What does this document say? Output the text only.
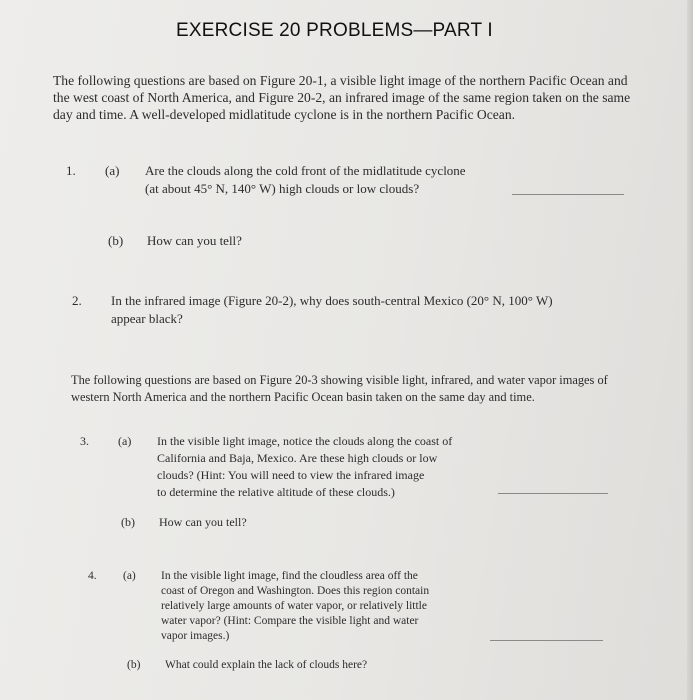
EXERCISE 20 PROBLEMS—PART I
The following questions are based on Figure 20-1, a visible light image of the northern Pacific Ocean and the west coast of North America, and Figure 20-2, an infrared image of the same region taken on the same day and time. A well-developed midlatitude cyclone is in the northern Pacific Ocean.
1. (a) Are the clouds along the cold front of the midlatitude cyclone
(at about 45° N, 140° W) high clouds or low clouds?
(b) How can you tell?
2. In the infrared image (Figure 20-2), why does south-central Mexico (20° N, 100° W)
appear black?
The following questions are based on Figure 20-3 showing visible light, infrared, and water vapor images of western North America and the northern Pacific Ocean basin taken on the same day and time.
3. (a) In the visible light image, notice the clouds along the coast of
California and Baja, Mexico. Are these high clouds or low
clouds? (Hint: You will need to view the infrared image
to determine the relative altitude of these clouds.)
(b) How can you tell?
4. (a) In the visible light image, find the cloudless area off the
coast of Oregon and Washington. Does this region contain
relatively large amounts of water vapor, or relatively little
water vapor? (Hint: Compare the visible light and water
vapor images.)
(b) What could explain the lack of clouds here?
